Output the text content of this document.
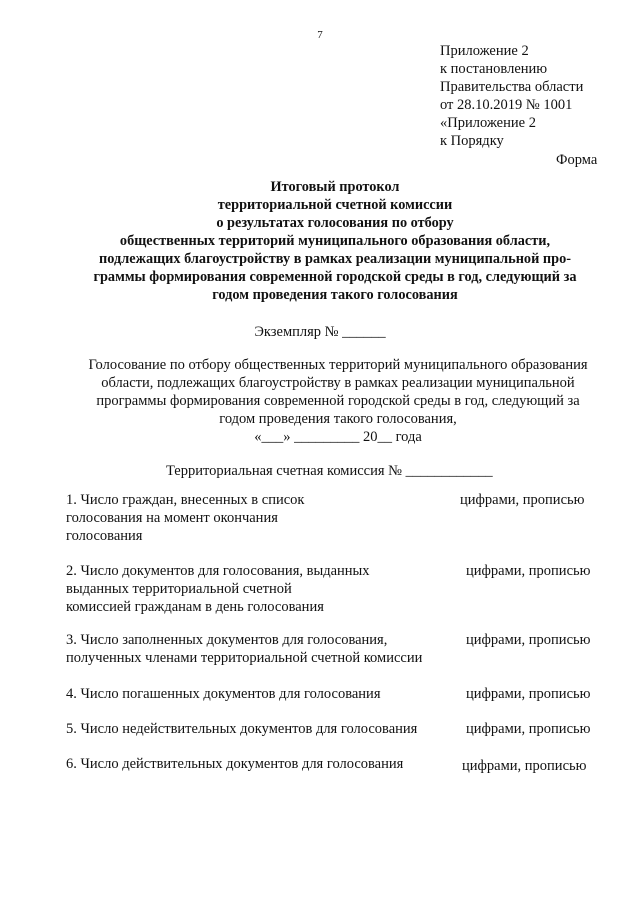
7
Приложение 2
к постановлению
Правительства области
от 28.10.2019 № 1001
«Приложение 2
к Порядку
Форма
Итоговый протокол
территориальной счетной комиссии
о результатах голосования по отбору
общественных территорий муниципального образования области,
подлежащих благоустройству в рамках реализации муниципальной про-
граммы формирования современной городской среды в год, следующий за
годом проведения такого голосования
Экземпляр № ______
Голосование по отбору общественных территорий муниципального образования
области, подлежащих благоустройству в рамках реализации муниципальной
программы формирования современной городской среды в год, следующий за
годом проведения такого голосования,
«___» _________ 20__ года
Территориальная счетная комиссия № ____________
1. Число граждан, внесенных в список
голосования на момент окончания
голосования
цифрами, прописью
2. Число документов для голосования, выданных
выданных территориальной счетной
комиссией гражданам в день голосования
цифрами, прописью
3. Число заполненных документов для голосования,
полученных членами территориальной счетной комиссии
цифрами, прописью
4. Число погашенных документов для голосования	цифрами, прописью
5. Число недействительных документов для голосования	цифрами, прописью
6. Число действительных документов для голосования	цифрами, прописью
